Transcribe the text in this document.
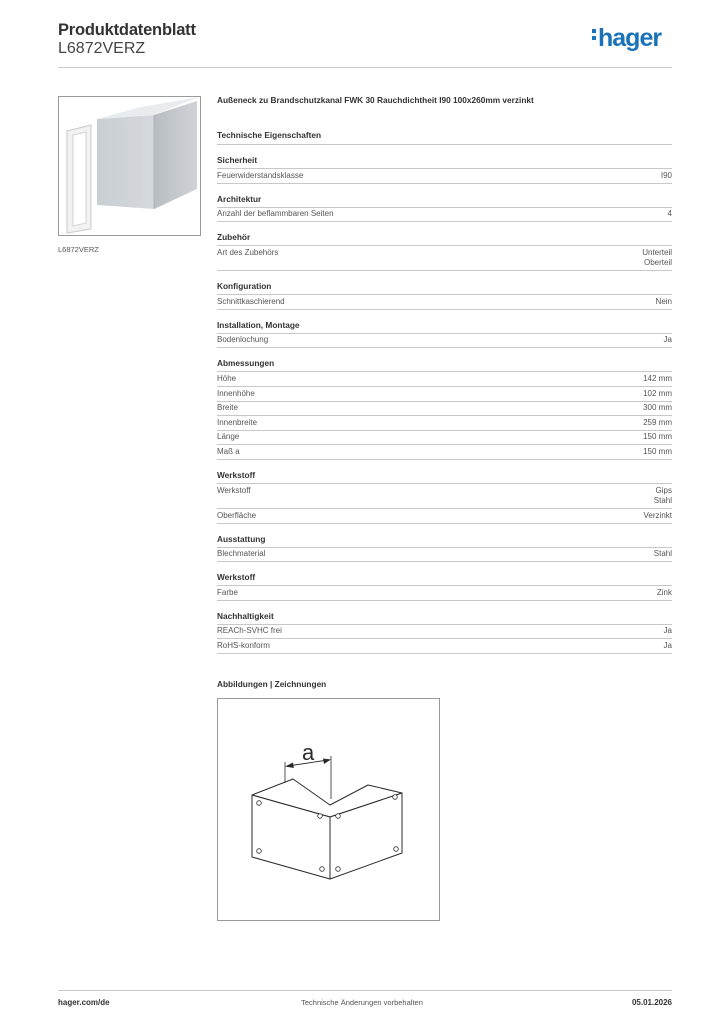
Produktdatenblatt
L6872VERZ	hager
L6872VERZ
Außeneck zu Brandschutzkanal FWK 30 Rauchdichtheit I90 100x260mm verzinkt
Technische Eigenschaften
Sicherheit
Feuerwiderstandsklasse	I90
Architektur
Anzahl der beflammbaren Seiten	4
Zubehör
Art des Zubehörs	Unterteil
Oberteil
Konfiguration
Schnittkaschierend	Nein
Installation, Montage
Bodenlochung	Ja
Abmessungen
Höhe	142 mm
Innenhöhe	102 mm
Breite	300 mm
Innenbreite	259 mm
Länge	150 mm
Maß a	150 mm
Werkstoff
Werkstoff	Gips
Stahl
Oberfläche	Verzinkt
Ausstattung
Blechmaterial	Stahl
Werkstoff
Farbe	Zink
Nachhaltigkeit
REACh-SVHC frei	Ja
RoHS-konform	Ja
Abbildungen | Zeichnungen
a
hager.com/de	Technische Änderungen vorbehalten	05.01.2026
